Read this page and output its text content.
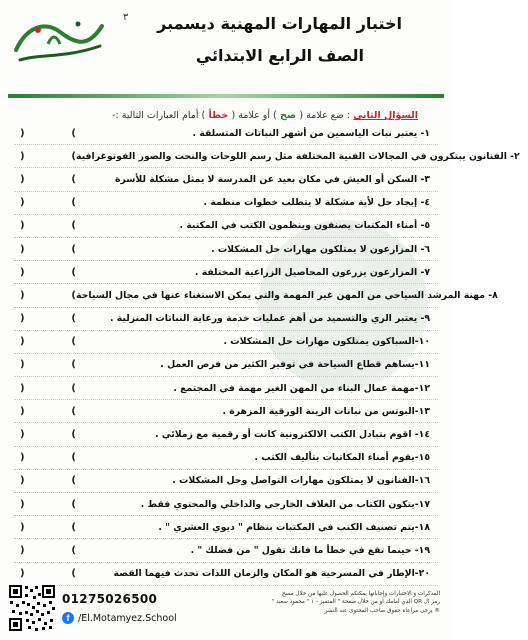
٣	اختبار المهارات المهنية ديسمبر
الصف الرابع الابتدائي
السؤال الثاني : ضع علامة ( صح ) أو علامة ( خطأ ) أمام العبارات التالية :-
)	(	١- يعتبر نبات الياسمين من أشهر النباتات المتسلقة .
)	( ٢- الفنانون يبتكرون في المجالات الفنية المختلفة مثل رسم اللوحات والنحت والصور الفوتوغرافية
)	(	٣- السكن أو العيش في مكان بعيد عن المدرسة لا يمثل مشكلة للأسرة
)	(	٤- إيجاد حل لأية مشكلة لا يتطلب خطوات منظمة .
)	(	٥- أمناء المكتبات يصنفون وينظمون الكتب في المكتبة .
)	(	٦- المزارعون لا يمتلكون مهارات حل المشكلات .
)	(	٧- المزارعون يزرعون المحاصيل الزراعية المختلفة .
)	( ٨- مهنة المرشد السياحي من المهن غير المهمة والتي يمكن الاستغناء عنها في مجال السياحة
)	(	٩- يعتبر الري والتسميد من أهم عمليات خدمة ورعاية النباتات المنزلية .
)	(	١٠-السباكون يمتلكون مهارات حل المشكلات .
)	(	١١-يساهم قطاع السياحة في توفير الكثير من فرص العمل .
)	(	١٢-مهمة عمال البناء من المهن الغير مهمة في المجتمع .
)	(	١٣-البوتس من نباتات الزينة الورقية المزهرة .
)	(	١٤- اقوم بتبادل الكتب الالكترونية كانت أو رقمية مع زملائي .
)	(	١٥-يقوم أمناء المكاتبات بتأليف الكتب .
)	(	١٦-الفنانون لا يمتلكون مهارات التواصل وحل المشكلات .
)	(	١٧-يتكون الكتاب من الغلاف الخارجي والداخلي والمحتوي فقط .
)	(	١٨-يتم تصنيف الكتب في المكتبات بنظام " ديوي العشري " .
)	(	١٩- حينما تقع في خطأ ما فانك تقول " من فضلك " .
)	(	٢٠-الإطار في المسرحية هو المكان والزمان اللذات تحدث فيهما القصة
01275026500
f /El.Motamyez.School
المذكرات و الاختبارات وإجاباتها يمكنكم الحصول عليها من خلال مسح
رمز ال QR الذي أمامك أو من خلال صفحة " المتميز - ١ " محمود سعيد "
® يرجى مراعاة حقوق صاحب المحتوى عند النشر
